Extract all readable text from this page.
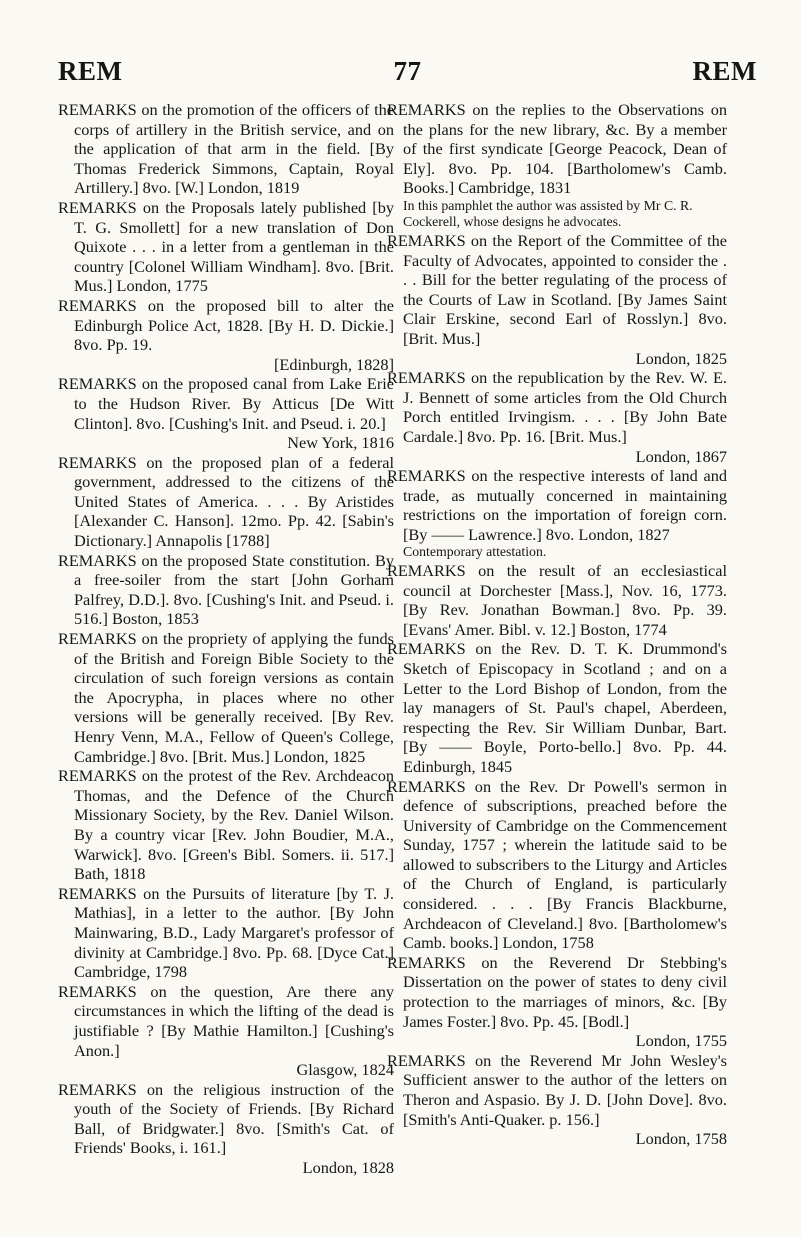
REM	77	REM
REMARKS on the promotion of the officers of the corps of artillery in the British service, and on the application of that arm in the field. [By Thomas Frederick Simmons, Captain, Royal Artillery.] 8vo. [W.] London, 1819
REMARKS on the Proposals lately published [by T. G. Smollett] for a new translation of Don Quixote . . . in a letter from a gentleman in the country [Colonel William Windham]. 8vo. [Brit. Mus.] London, 1775
REMARKS on the proposed bill to alter the Edinburgh Police Act, 1828. [By H. D. Dickie.] 8vo. Pp. 19.
[Edinburgh, 1828]
REMARKS on the proposed canal from Lake Erie to the Hudson River. By Atticus [De Witt Clinton]. 8vo. [Cushing's Init. and Pseud. i. 20.]
New York, 1816
REMARKS on the proposed plan of a federal government, addressed to the citizens of the United States of America. . . . By Aristides [Alexander C. Hanson]. 12mo. Pp. 42. [Sabin's Dictionary.] Annapolis [1788]
REMARKS on the proposed State constitution. By a free-soiler from the start [John Gorham Palfrey, D.D.]. 8vo. [Cushing's Init. and Pseud. i. 516.] Boston, 1853
REMARKS on the propriety of applying the funds of the British and Foreign Bible Society to the circulation of such foreign versions as contain the Apocrypha, in places where no other versions will be generally received. [By Rev. Henry Venn, M.A., Fellow of Queen's College, Cambridge.] 8vo. [Brit. Mus.] London, 1825
REMARKS on the protest of the Rev. Archdeacon Thomas, and the Defence of the Church Missionary Society, by the Rev. Daniel Wilson. By a country vicar [Rev. John Boudier, M.A., Warwick]. 8vo. [Green's Bibl. Somers. ii. 517.] Bath, 1818
REMARKS on the Pursuits of literature [by T. J. Mathias], in a letter to the author. [By John Mainwaring, B.D., Lady Margaret's professor of divinity at Cambridge.] 8vo. Pp. 68. [Dyce Cat.] Cambridge, 1798
REMARKS on the question, Are there any circumstances in which the lifting of the dead is justifiable ? [By Mathie Hamilton.] [Cushing's Anon.]
Glasgow, 1824
REMARKS on the religious instruction of the youth of the Society of Friends. [By Richard Ball, of Bridgwater.] 8vo. [Smith's Cat. of Friends' Books, i. 161.]
London, 1828
REMARKS on the replies to the Observations on the plans for the new library, &c. By a member of the first syndicate [George Peacock, Dean of Ely]. 8vo. Pp. 104. [Bartholomew's Camb. Books.] Cambridge, 1831
In this pamphlet the author was assisted by Mr C. R. Cockerell, whose designs he advocates.
REMARKS on the Report of the Committee of the Faculty of Advocates, appointed to consider the . . . Bill for the better regulating of the process of the Courts of Law in Scotland. [By James Saint Clair Erskine, second Earl of Rosslyn.] 8vo. [Brit. Mus.]
London, 1825
REMARKS on the republication by the Rev. W. E. J. Bennett of some articles from the Old Church Porch entitled Irvingism. . . . [By John Bate Cardale.] 8vo. Pp. 16. [Brit. Mus.]
London, 1867
REMARKS on the respective interests of land and trade, as mutually concerned in maintaining restrictions on the importation of foreign corn. [By —— Lawrence.] 8vo. London, 1827
Contemporary attestation.
REMARKS on the result of an ecclesiastical council at Dorchester [Mass.], Nov. 16, 1773. [By Rev. Jonathan Bowman.] 8vo. Pp. 39. [Evans' Amer. Bibl. v. 12.] Boston, 1774
REMARKS on the Rev. D. T. K. Drummond's Sketch of Episcopacy in Scotland ; and on a Letter to the Lord Bishop of London, from the lay managers of St. Paul's chapel, Aberdeen, respecting the Rev. Sir William Dunbar, Bart. [By —— Boyle, Porto-bello.] 8vo. Pp. 44. Edinburgh, 1845
REMARKS on the Rev. Dr Powell's sermon in defence of subscriptions, preached before the University of Cambridge on the Commencement Sunday, 1757 ; wherein the latitude said to be allowed to subscribers to the Liturgy and Articles of the Church of England, is particularly considered. . . . [By Francis Blackburne, Archdeacon of Cleveland.] 8vo. [Bartholomew's Camb. books.] London, 1758
REMARKS on the Reverend Dr Stebbing's Dissertation on the power of states to deny civil protection to the marriages of minors, &c. [By James Foster.] 8vo. Pp. 45. [Bodl.]
London, 1755
REMARKS on the Reverend Mr John Wesley's Sufficient answer to the author of the letters on Theron and Aspasio. By J. D. [John Dove]. 8vo. [Smith's Anti-Quaker. p. 156.]
London, 1758
